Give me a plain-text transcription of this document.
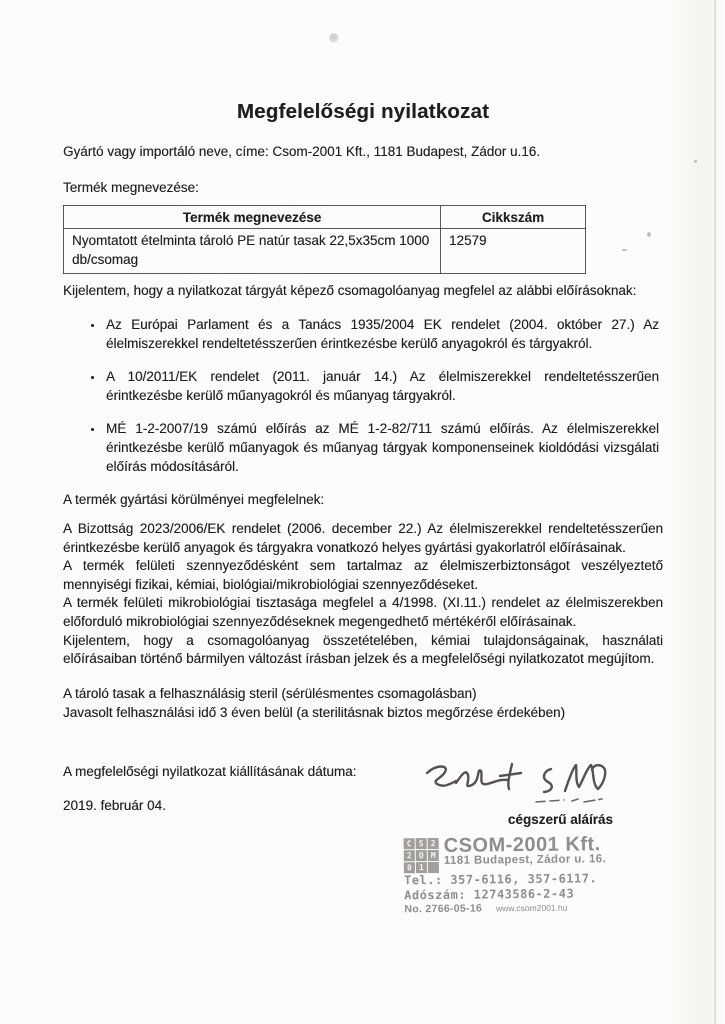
Megfelelőségi nyilatkozat

Gyártó vagy importáló neve, címe: Csom-2001 Kft., 1181 Budapest, Zádor u.16.

Termék megnevezése:

Termék megnevezése	Cikkszám
Nyomtatott ételminta tároló PE natúr tasak 22,5x35cm 1000 db/csomag	12579

Kijelentem, hogy a nyilatkozat tárgyát képező csomagolóanyag megfelel az alábbi előírásoknak:

• Az Európai Parlament és a Tanács 1935/2004 EK rendelet (2004. október 27.) Az élelmiszerekkel rendeltetésszerűen érintkezésbe kerülő anyagokról és tárgyakról.
• A 10/2011/EK rendelet (2011. január 14.) Az élelmiszerekkel rendeltetésszerűen érintkezésbe kerülő műanyagokról és műanyag tárgyakról.
• MÉ 1-2-2007/19 számú előírás az MÉ 1-2-82/711 számú előírás. Az élelmiszerekkel érintkezésbe kerülő műanyagok és műanyag tárgyak komponenseinek kioldódási vizsgálati előírás módosításáról.

A termék gyártási körülményei megfelelnek:

A Bizottság 2023/2006/EK rendelet (2006. december 22.) Az élelmiszerekkel rendeltetésszerűen érintkezésbe kerülő anyagok és tárgyakra vonatkozó helyes gyártási gyakorlatról előírásainak.

A termék felületi szennyeződésként sem tartalmaz az élelmiszerbiztonságot veszélyeztető mennyiségi fizikai, kémiai, biológiai/mikrobiológiai szennyeződéseket.

A termék felületi mikrobiológiai tisztasága megfelel a 4/1998. (XI.11.) rendelet az élelmiszerekben előforduló mikrobiológiai szennyeződéseknek megengedhető mértékéről előírásainak.

Kijelentem, hogy a csomagolóanyag összetételében, kémiai tulajdonságainak, használati előírásaiban történő bármilyen változást írásban jelzek és a megfelelőségi nyilatkozatot megújítom.

A tároló tasak a felhasználásig steril (sérülésmentes csomagolásban)

Javasolt felhasználási idő 3 éven belül (a sterilitásnak biztos megőrzése érdekében)

A megfelelőségi nyilatkozat kiállításának dátuma:

2019. február 04.

cégszerű aláírás

C S 2
2 O M
0 1
CSOM-2001 Kft.
1181 Budapest, Zádor u. 16.
Tel.: 357-6116, 357-6117.
Adószám: 12743586-2-43
No. 2766-05-16 www.csom2001.hu
